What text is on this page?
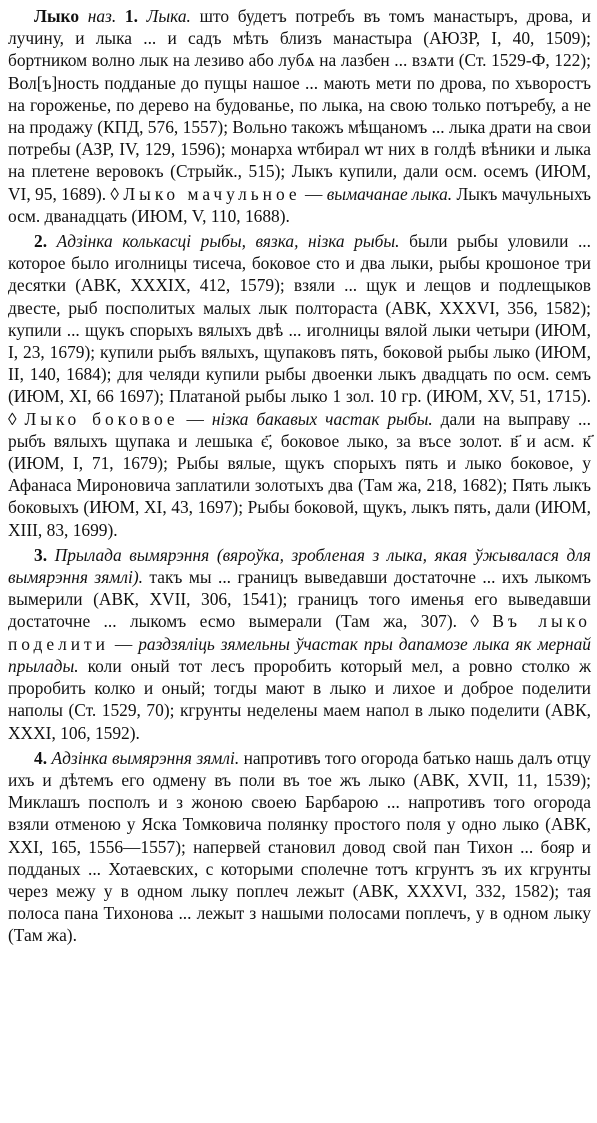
Лыко наз. 1. Лыка. што будетъ потребъ въ томъ манастыръ, дрова, и лучину, и лыка ... и садъ мѣть близъ манастыра (АЮЗР, І, 40, 1509); бортником волно лык на лезиво або лубѧ на лазбен ... взѧти (Ст. 1529-Ф, 122); Вол[ъ]ность подданые до пущы нашое ... мають мети по дрова, по хъворостъ на гороженье, по дерево на будованье, по лыка, на свою только потъребу, а не на продажу (КПД, 576, 1557); Вольно такожъ мѣщаномъ ... лыка драти на свои потребы (АЗР, IV, 129, 1596); монарха ѡтбирал ѡт них в голдѣ вѣники и лыка на плетене веровокъ (Стрыйк., 515); Лыкъ купили, дали осм. осемъ (ИЮМ, VI, 95, 1689). ◊ Лыко мачульное — вымачанае лыка. Лыкъ мачульныхъ осм. дванадцать (ИЮМ, V, 110, 1688).

2. Адзінка колькасці рыбы, вязка, нізка рыбы. были рыбы уловили ... которое было иголницы тисеча, боковое сто и два лыки, рыбы крошоное три десятки (АВК, XXXIX, 412, 1579); взяли ... щук и лещов и подлещыков двесте, рыб посполитых малых лык полтораста (АВК, XXXVI, 356, 1582); купили ... щукъ спорыхъ вялыхъ двѣ ... иголницы вялой лыки четыри (ИЮМ, І, 23, 1679); купили рыбъ вялыхъ, щупаковъ пять, боковой рыбы лыко (ИЮМ, II, 140, 1684); для челяди купили рыбы двоенки лыкъ двадцать по осм. семъ (ИЮМ, XI, 66 1697); Платаной рыбы лыко 1 зол. 10 гр. (ИЮМ, XV, 51, 1715). ◊ Лыко боковое — нізка бакавых частак рыбы. дали на выправу ... рыбъ вялыхъ щупака и лешыка є҃, боковое лыко, за въсе золот. в҃ и асм. к҃ (ИЮМ, І, 71, 1679); Рыбы вялые, щукъ спорыхъ пять и лыко боковое, у Афанаса Мироновича заплатили золотыхъ два (Там жа, 218, 1682); Пять лыкъ боковыхъ (ИЮМ, XI, 43, 1697); Рыбы боковой, щукъ, лыкъ пять, дали (ИЮМ, XIII, 83, 1699).

3. Прылада вымярэння (вяроўка, зробленая з лыка, якая ўжывалася для вымярэння зямлі). такъ мы ... границъ выведавши достаточне ... ихъ лыкомъ вымерили (АВК, XVII, 306, 1541); границъ того именья его выведавши достаточне ... лыкомъ есмо вымерали (Там жа, 307). ◊ Въ лыко поделити — раздзяліць зямельны ўчастак пры дапамозе лыка як мернай прылады. коли оный тот лесъ проробить который мел, а ровно столко ж проробить колко и оный; тогды мают в лыко и лихое и доброе поделити наполы (Ст. 1529, 70); кгрунты неделены маем напол в лыко поделити (АВК, XXXI, 106, 1592).

4. Адзінка вымярэння зямлі. напротивъ того огорода батько нашь далъ отцу ихъ и дѣтемъ его одмену въ поли въ тое жъ лыко (АВК, XVII, 11, 1539); Миклашъ посполъ и з жоною своею Барбарою ... напротивъ того огорода взяли отменою у Яска Томковича полянку простого поля у одно лыко (АВК, XXI, 165, 1556—1557); напервей становил довод свой пан Тихон ... бояр и подданых ... Хотаевских, с которыми сполечне тотъ кгрунтъ зъ их кгрунты через межу у в одном лыку поплеч лежыт (АВК, XXXVI, 332, 1582); тая полоса пана Тихонова ... лежыт з нашыми полосами поплечъ, у в одном лыку (Там жа).
